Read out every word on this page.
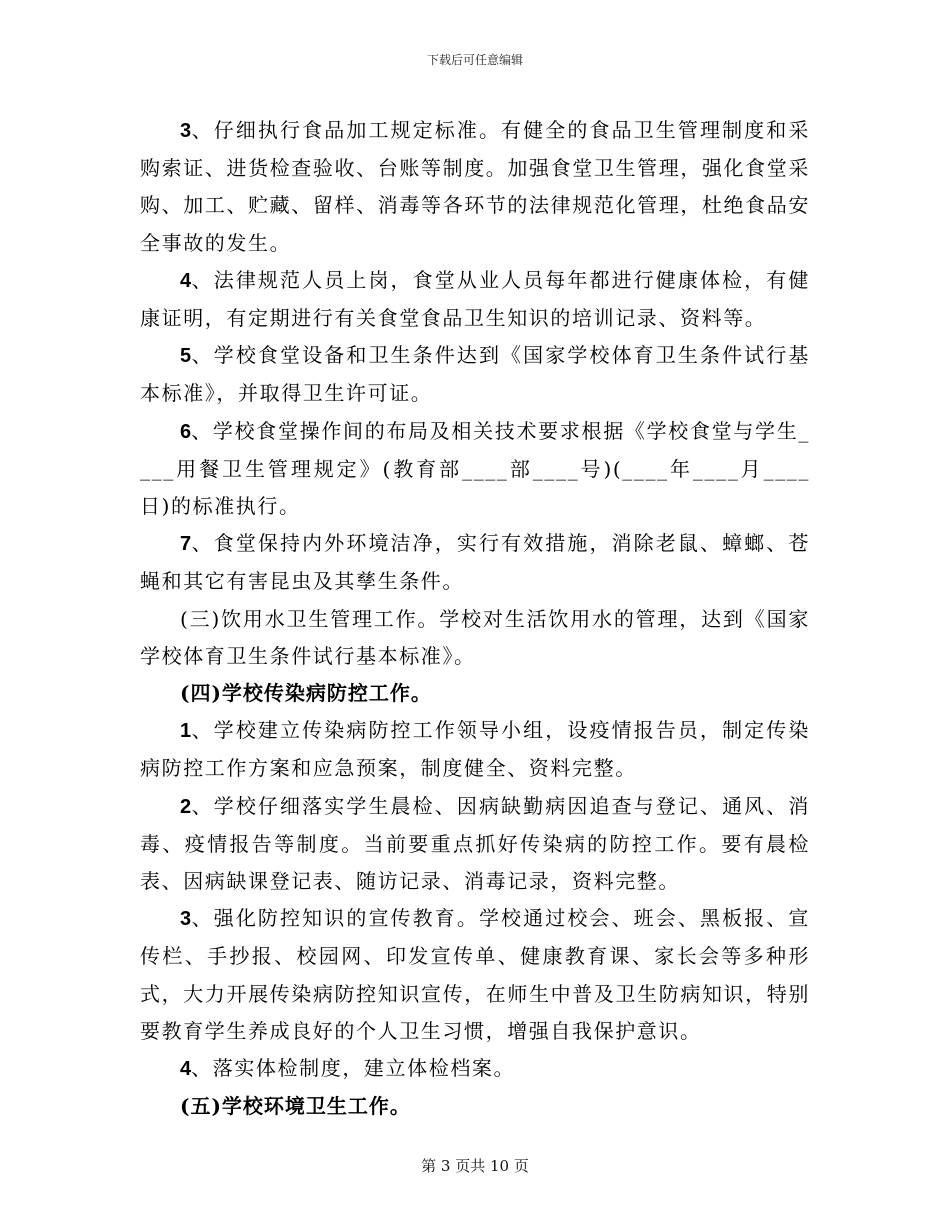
下载后可任意编辑

3、仔细执行食品加工规定标准。有健全的食品卫生管理制度和采购索证、进货检查验收、台账等制度。加强食堂卫生管理，强化食堂采购、加工、贮藏、留样、消毒等各环节的法律规范化管理，杜绝食品安全事故的发生。

4、法律规范人员上岗，食堂从业人员每年都进行健康体检，有健康证明，有定期进行有关食堂食品卫生知识的培训记录、资料等。

5、学校食堂设备和卫生条件达到《国家学校体育卫生条件试行基本标准》，并取得卫生许可证。

6、学校食堂操作间的布局及相关技术要求根据《学校食堂与学生____用餐卫生管理规定》(教育部____部____号)(____年____月____日)的标准执行。

7、食堂保持内外环境洁净，实行有效措施，消除老鼠、蟑螂、苍蝇和其它有害昆虫及其孳生条件。

(三)饮用水卫生管理工作。学校对生活饮用水的管理，达到《国家学校体育卫生条件试行基本标准》。

(四)学校传染病防控工作。

1、学校建立传染病防控工作领导小组，设疫情报告员，制定传染病防控工作方案和应急预案，制度健全、资料完整。

2、学校仔细落实学生晨检、因病缺勤病因追查与登记、通风、消毒、疫情报告等制度。当前要重点抓好传染病的防控工作。要有晨检表、因病缺课登记表、随访记录、消毒记录，资料完整。

3、强化防控知识的宣传教育。学校通过校会、班会、黑板报、宣传栏、手抄报、校园网、印发宣传单、健康教育课、家长会等多种形式，大力开展传染病防控知识宣传，在师生中普及卫生防病知识，特别要教育学生养成良好的个人卫生习惯，增强自我保护意识。

4、落实体检制度，建立体检档案。

(五)学校环境卫生工作。

第 3 页共 10 页
